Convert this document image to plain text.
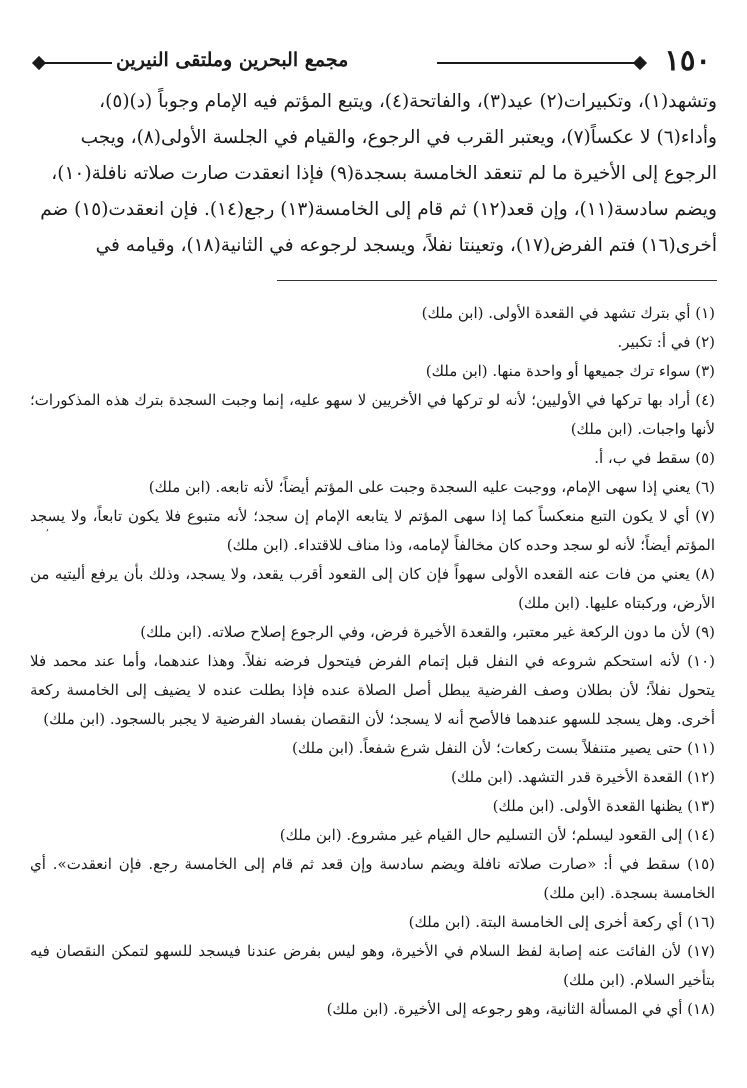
١٥٠
مجمع البحرين وملتقى النيرين

وتشهد(١)، وتكبيرات(٢) عيد(٣)، والفاتحة(٤)، ويتبع المؤتم فيه الإمام وجوباً (د)(٥)،

وأداء(٦) لا عكساً(٧)، ويعتبر القرب في الرجوع، والقيام في الجلسة الأولى(٨)، ويجب

الرجوع إلى الأخيرة ما لم تنعقد الخامسة بسجدة(٩) فإذا انعقدت صارت صلاته نافلة(١٠)،

ويضم سادسة(١١)، وإن قعد(١٢) ثم قام إلى الخامسة(١٣) رجع(١٤). فإن انعقدت(١٥) ضم

أخرى(١٦) فتم الفرض(١٧)، وتعينتا نفلاً، ويسجد لرجوعه في الثانية(١٨)، وقيامه في

(١) أي بترك تشهد في القعدة الأولى. (ابن ملك)

(٢) في أ: تكبير.

(٣) سواء ترك جميعها أو واحدة منها. (ابن ملك)

(٤) أراد بها تركها في الأوليين؛ لأنه لو تركها في الأخريين لا سهو عليه، إنما وجبت السجدة بترك هذه المذكورات؛ لأنها واجبات. (ابن ملك)

(٥) سقط في ب، أ.

(٦) يعني إذا سهى الإمام، ووجبت عليه السجدة وجبت على المؤتم أيضاً؛ لأنه تابعه. (ابن ملك)

(٧) أي لا يكون التبع منعكساً كما إذا سهى المؤتم لا يتابعه الإمام إن سجد؛ لأنه متبوع فلا يكون تابعاً، ولا يسجد المؤتم أيضاً؛ لأنه لو سجد وحده كان مخالفاً لإمامه، وذا مناف للاقتداء. (ابن ملك)

(٨) يعني من فات عنه القعده الأولى سهواً فإن كان إلى القعود أقرب يقعد، ولا يسجد، وذلك بأن يرفع أليتيه من الأرض، وركبتاه عليها. (ابن ملك)

(٩) لأن ما دون الركعة غير معتبر، والقعدة الأخيرة فرض، وفي الرجوع إصلاح صلاته. (ابن ملك)

(١٠) لأنه استحكم شروعه في النفل قبل إتمام الفرض فيتحول فرضه نفلاً. وهذا عندهما، وأما عند محمد فلا يتحول نفلاً؛ لأن بطلان وصف الفرضية يبطل أصل الصلاة عنده فإذا بطلت عنده لا يضيف إلى الخامسة ركعة أخرى. وهل يسجد للسهو عندهما فالأصح أنه لا يسجد؛ لأن النقصان بفساد الفرضية لا يجبر بالسجود. (ابن ملك)

(١١) حتى يصير متنفلاً بست ركعات؛ لأن النفل شرع شفعاً. (ابن ملك)

(١٢) القعدة الأخيرة قدر التشهد. (ابن ملك)

(١٣) يظنها القعدة الأولى. (ابن ملك)

(١٤) إلى القعود ليسلم؛ لأن التسليم حال القيام غير مشروع. (ابن ملك)

(١٥) سقط في أ: «صارت صلاته نافلة ويضم سادسة وإن قعد ثم قام إلى الخامسة رجع. فإن انعقدت». أي الخامسة بسجدة. (ابن ملك)

(١٦) أي ركعة أخرى إلى الخامسة البتة. (ابن ملك)

(١٧) لأن الفائت عنه إصابة لفظ السلام في الأخيرة، وهو ليس بفرض عندنا فيسجد للسهو لتمكن النقصان فيه بتأخير السلام. (ابن ملك)

(١٨) أي في المسألة الثانية، وهو رجوعه إلى الأخيرة. (ابن ملك)

,
